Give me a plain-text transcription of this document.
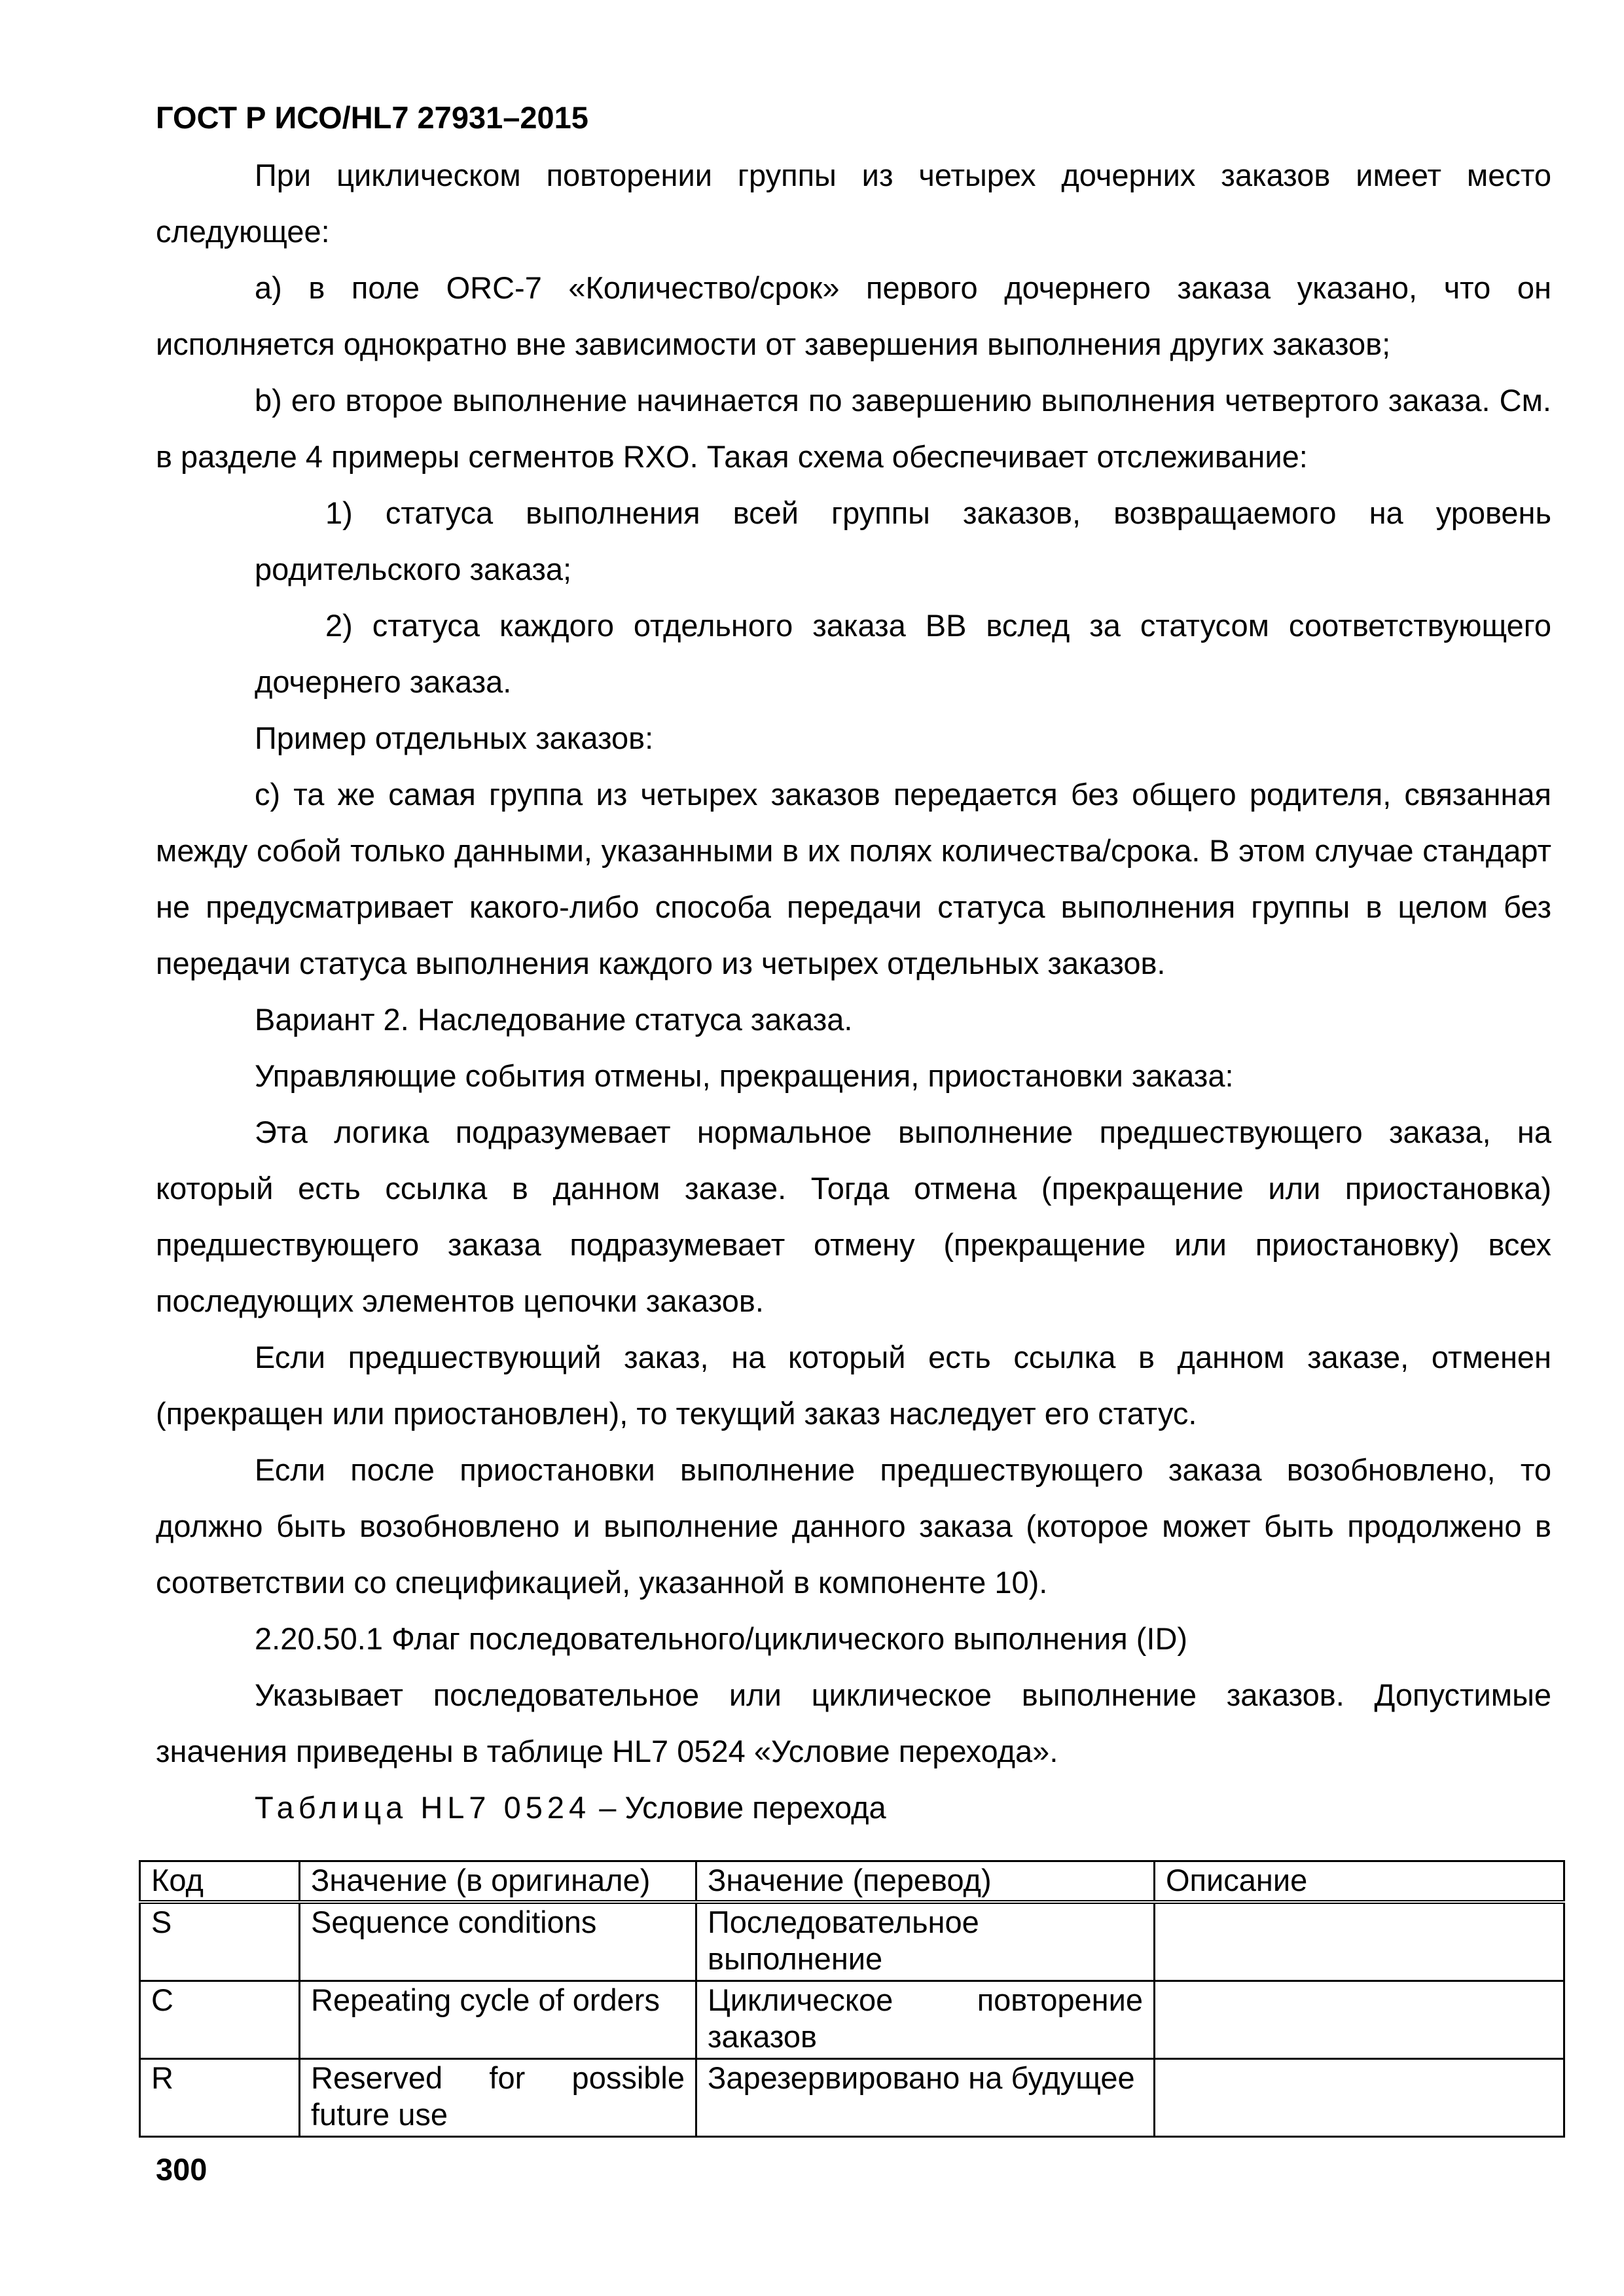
ГОСТ Р ИСО/HL7 27931–2015

При циклическом повторении группы из четырех дочерних заказов имеет место следующее:

a) в поле ORC-7 «Количество/срок» первого дочернего заказа указано, что он исполняется однократно вне зависимости от завершения выполнения других заказов;

b) его второе выполнение начинается по завершению выполнения четвертого заказа. См. в разделе 4 примеры сегментов RXO. Такая схема обеспечивает отслеживание:

1) статуса выполнения всей группы заказов, возвращаемого на уровень родительского заказа;

2) статуса каждого отдельного заказа BB вслед за статусом соответствующего дочернего заказа.

Пример отдельных заказов:

c) та же самая группа из четырех заказов передается без общего родителя, связанная между собой только данными, указанными в их полях количества/срока. В этом случае стандарт не предусматривает какого-либо способа передачи статуса выполнения группы в целом без передачи статуса выполнения каждого из четырех отдельных заказов.

Вариант 2. Наследование статуса заказа.

Управляющие события отмены, прекращения, приостановки заказа:

Эта логика подразумевает нормальное выполнение предшествующего заказа, на который есть ссылка в данном заказе. Тогда отмена (прекращение или приостановка) предшествующего заказа подразумевает отмену (прекращение или приостановку) всех последующих элементов цепочки заказов.

Если предшествующий заказ, на который есть ссылка в данном заказе, отменен (прекращен или приостановлен), то текущий заказ наследует его статус.

Если после приостановки выполнение предшествующего заказа возобновлено, то должно быть возобновлено и выполнение данного заказа (которое может быть продолжено в соответствии со спецификацией, указанной в компоненте 10).

2.20.50.1 Флаг последовательного/циклического выполнения (ID)

Указывает последовательное или циклическое выполнение заказов. Допустимые значения приведены в таблице HL7 0524 «Условие перехода».

Таблица HL7 0524 – Условие перехода

Код	Значение (в оригинале)	Значение (перевод)	Описание
S	Sequence conditions	Последовательное выполнение	
C	Repeating cycle of orders	Циклическое повторение заказов	
R	Reserved for possible future use	Зарезервировано на будущее	
300
